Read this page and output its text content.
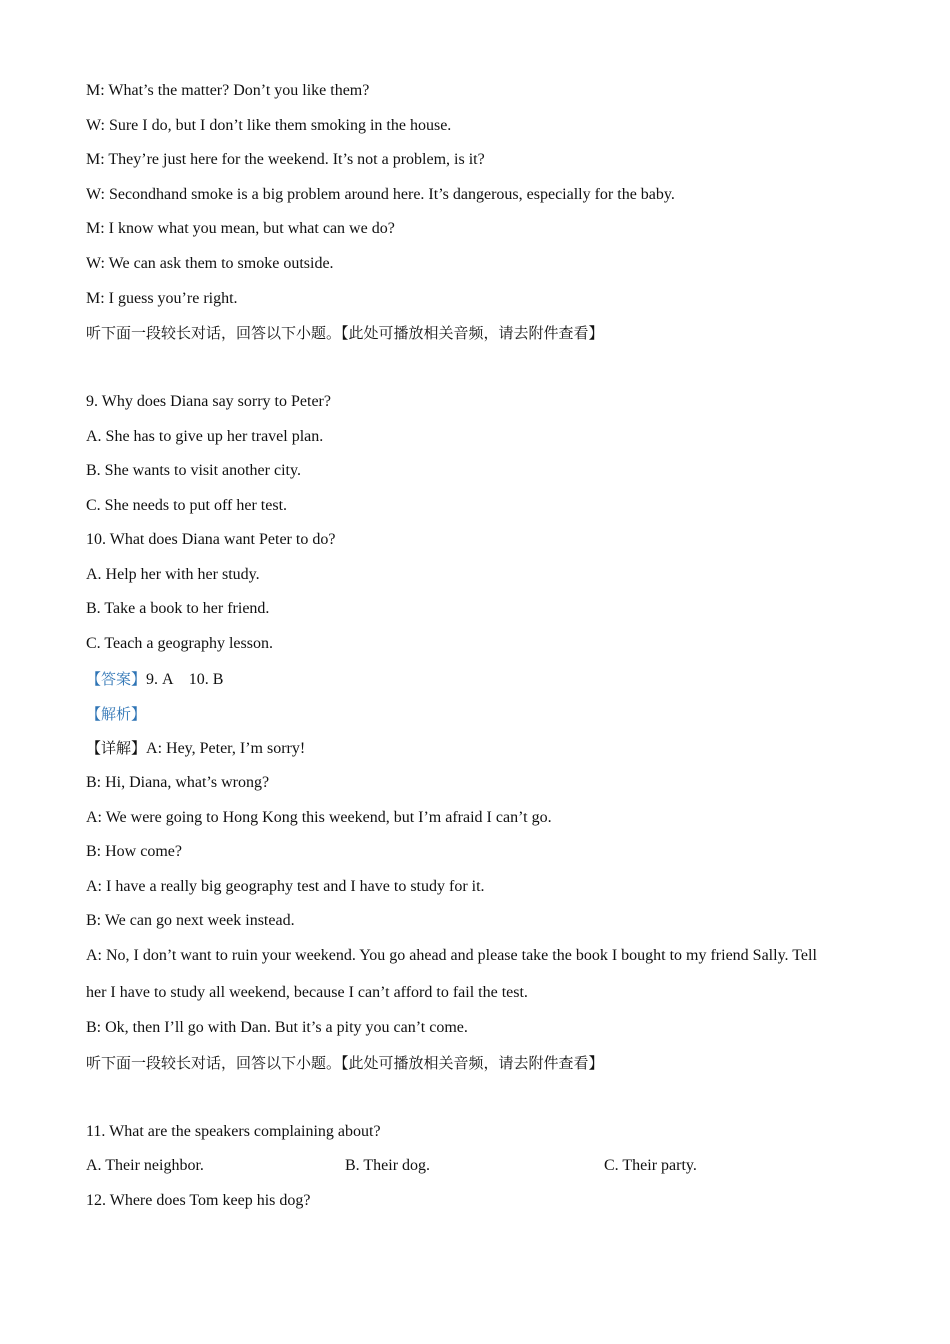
M: What’s the matter? Don’t you like them?
W: Sure I do, but I don’t like them smoking in the house.
M: They’re just here for the weekend. It’s not a problem, is it?
W: Secondhand smoke is a big problem around here. It’s dangerous, especially for the baby.
M: I know what you mean, but what can we do?
W: We can ask them to smoke outside.
M: I guess you’re right.
听下面一段较长对话，回答以下小题。【此处可播放相关音频，请去附件查看】
9. Why does Diana say sorry to Peter?
A. She has to give up her travel plan.
B. She wants to visit another city.
C. She needs to put off her test.
10. What does Diana want Peter to do?
A. Help her with her study.
B. Take a book to her friend.
C. Teach a geography lesson.
【答案】9. A    10. B
【解析】
【详解】A: Hey, Peter, I’m sorry!
B: Hi, Diana, what’s wrong?
A: We were going to Hong Kong this weekend, but I’m afraid I can’t go.
B: How come?
A: I have a really big geography test and I have to study for it.
B: We can go next week instead.
A: No, I don’t want to ruin your weekend. You go ahead and please take the book I bought to my friend Sally. Tell
her I have to study all weekend, because I can’t afford to fail the test.
B: Ok, then I’ll go with Dan. But it’s a pity you can’t come.
听下面一段较长对话，回答以下小题。【此处可播放相关音频，请去附件查看】
11. What are the speakers complaining about?
A. Their neighbor.	B. Their dog.	C. Their party.
12. Where does Tom keep his dog?
